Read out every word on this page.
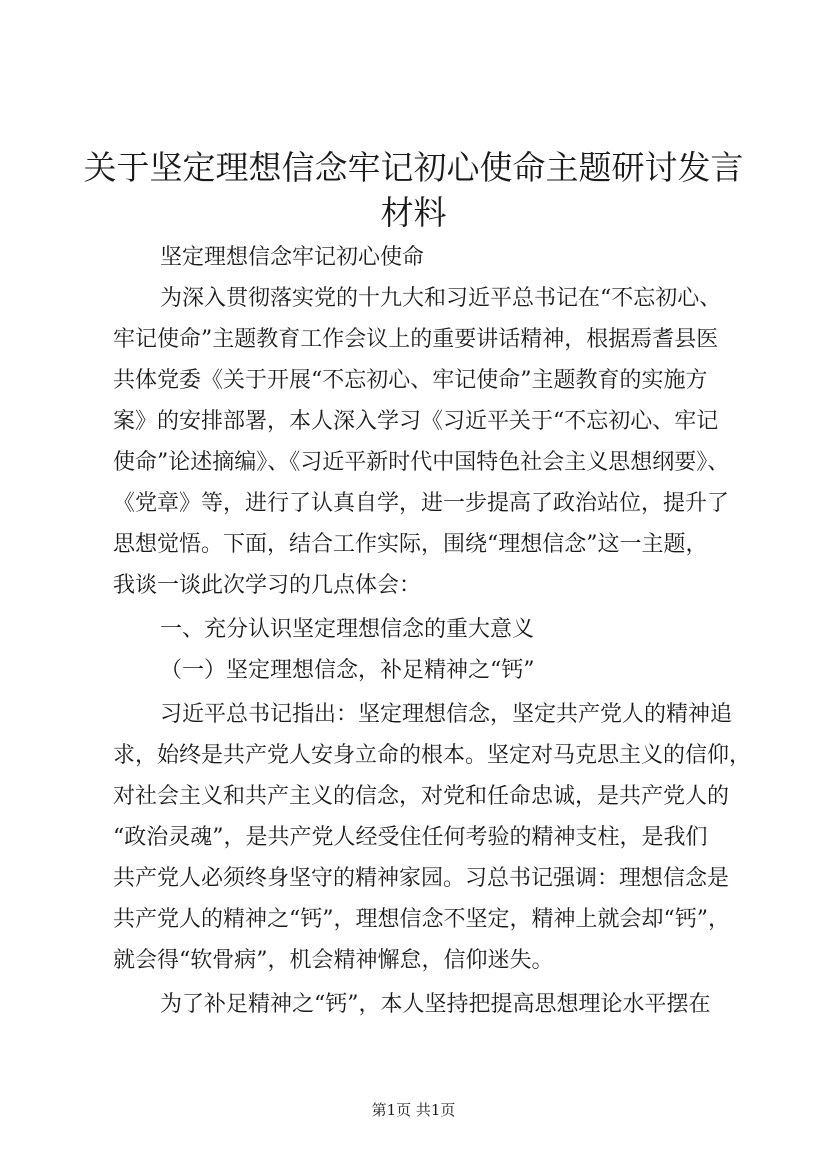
关于坚定理想信念牢记初心使命主题研讨发言
材料

坚定理想信念牢记初心使命

为深入贯彻落实党的十九大和习近平总书记在“不忘初心、

牢记使命”主题教育工作会议上的重要讲话精神，根据焉耆县医

共体党委《关于开展“不忘初心、牢记使命”主题教育的实施方

案》的安排部署，本人深入学习《习近平关于“不忘初心、牢记

使命”论述摘编》、《习近平新时代中国特色社会主义思想纲要》、

《党章》等，进行了认真自学，进一步提高了政治站位，提升了

思想觉悟。下面，结合工作实际，围绕“理想信念”这一主题，

我谈一谈此次学习的几点体会：

一、充分认识坚定理想信念的重大意义

（一）坚定理想信念，补足精神之“钙”

习近平总书记指出：坚定理想信念，坚定共产党人的精神追

求，始终是共产党人安身立命的根本。坚定对马克思主义的信仰，

对社会主义和共产主义的信念，对党和任命忠诚，是共产党人的

“政治灵魂”，是共产党人经受住任何考验的精神支柱，是我们

共产党人必须终身坚守的精神家园。习总书记强调：理想信念是

共产党人的精神之“钙”，理想信念不坚定，精神上就会却“钙”，

就会得“软骨病”，机会精神懈怠，信仰迷失。

为了补足精神之“钙”，本人坚持把提高思想理论水平摆在

第1页 共1页
